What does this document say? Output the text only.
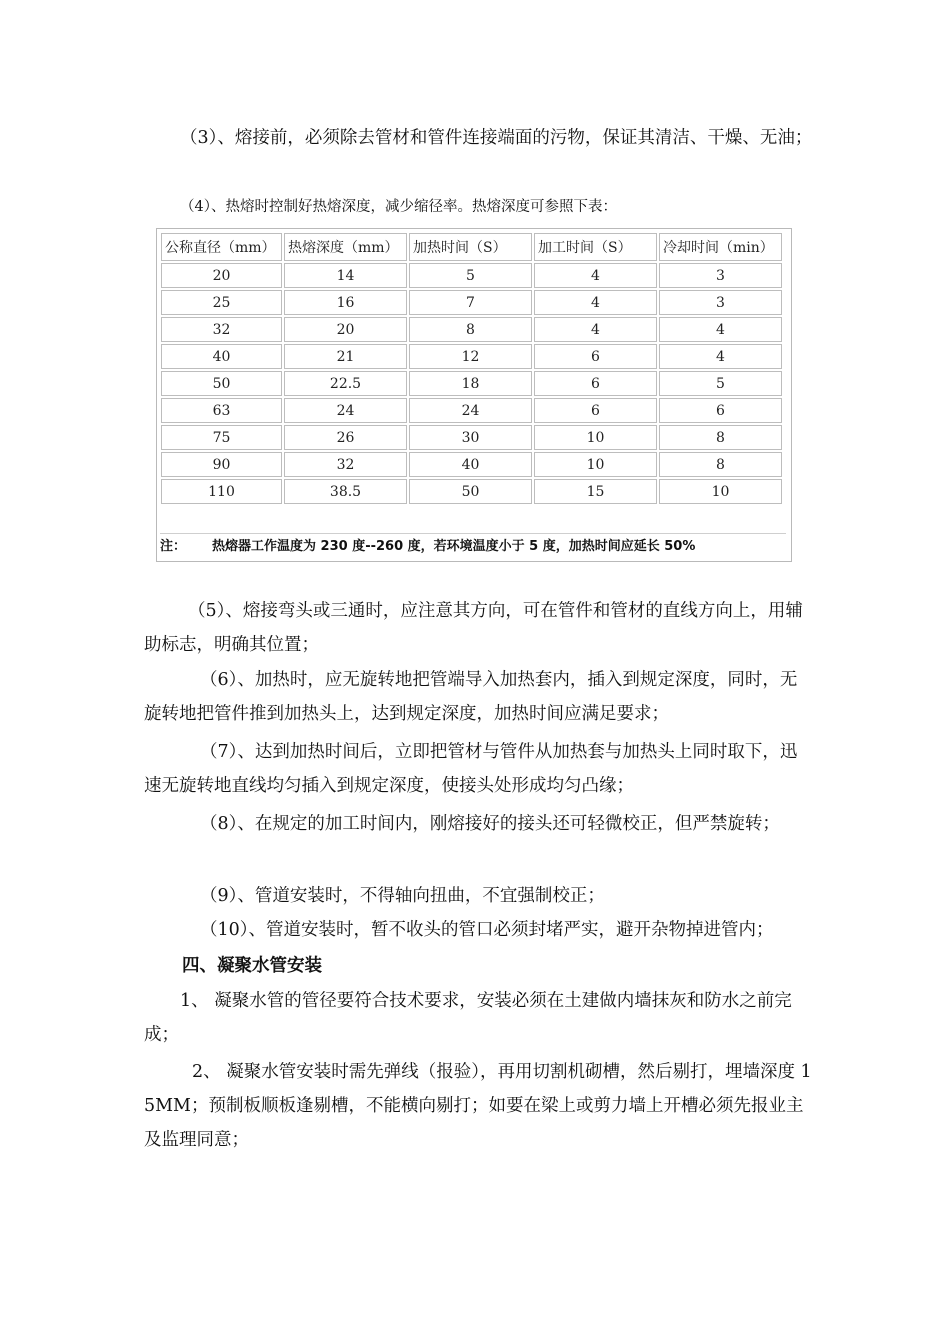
（3）、熔接前，必须除去管材和管件连接端面的污物，保证其清洁、干燥、无油；

（4）、热熔时控制好热熔深度，减少缩径率。热熔深度可参照下表：

公称直径（mm）	热熔深度（mm）	加热时间（S）	加工时间（S）	冷却时间（min）
20	14	5	4	3
25	16	7	4	3
32	20	8	4	4
40	21	12	6	4
50	22.5	18	6	5
63	24	24	6	6
75	26	30	10	8
90	32	40	10	8
110	38.5	50	15	10
注： 热熔器工作温度为 230 度--260 度，若环境温度小于 5 度，加热时间应延长 50%

（5）、熔接弯头或三通时，应注意其方向，可在管件和管材的直线方向上，用辅助标志，明确其位置；

（6）、加热时，应无旋转地把管端导入加热套内，插入到规定深度，同时，无旋转地把管件推到加热头上，达到规定深度，加热时间应满足要求；

（7）、达到加热时间后，立即把管材与管件从加热套与加热头上同时取下，迅速无旋转地直线均匀插入到规定深度，使接头处形成均匀凸缘；

（8）、在规定的加工时间内，刚熔接好的接头还可轻微校正，但严禁旋转；

（9）、管道安装时，不得轴向扭曲，不宜强制校正；

（10）、管道安装时，暂不收头的管口必须封堵严实，避开杂物掉进管内；

四、凝聚水管安装

1、 凝聚水管的管径要符合技术要求，安装必须在土建做内墙抹灰和防水之前完成；

2、 凝聚水管安装时需先弹线（报验），再用切割机砌槽，然后剔打，埋墙深度 15MM；预制板顺板逢剔槽，不能横向剔打；如要在梁上或剪力墙上开槽必须先报业主及监理同意；
